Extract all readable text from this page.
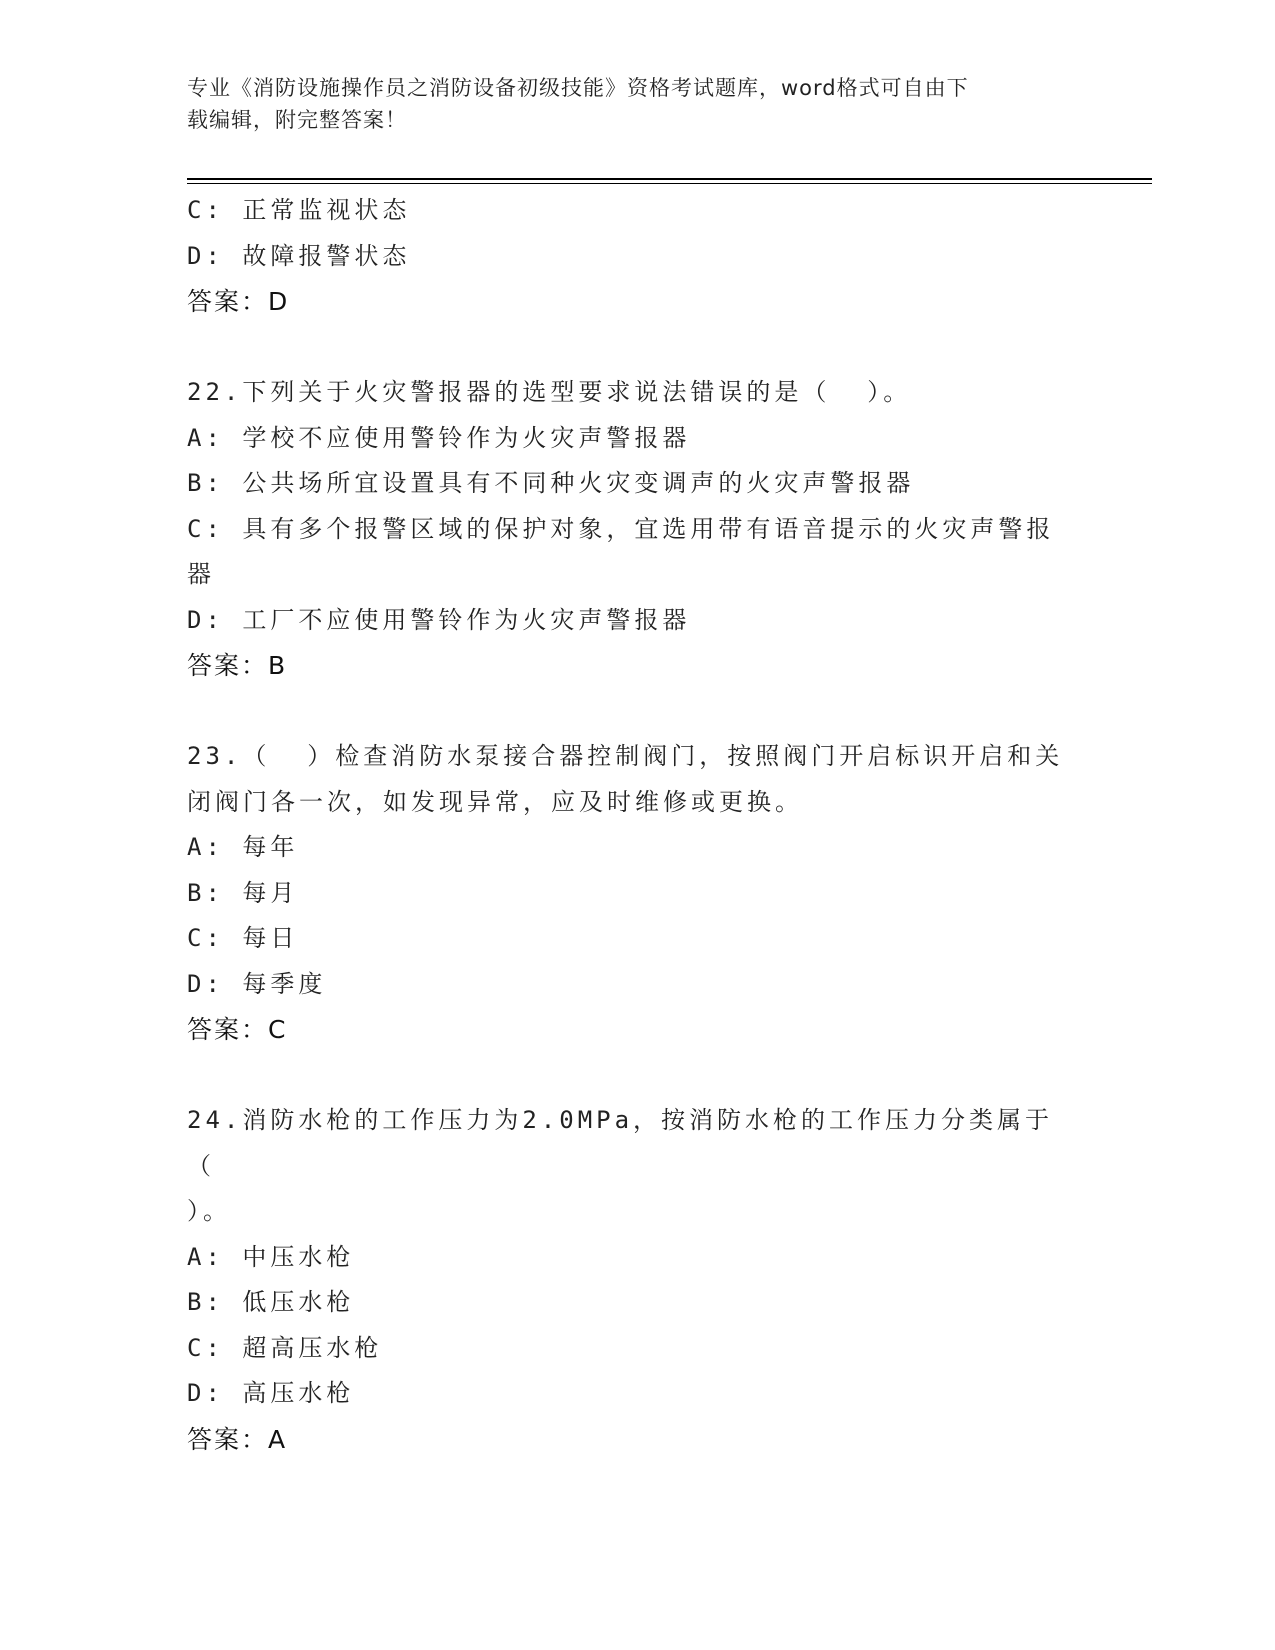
专业《消防设施操作员之消防设备初级技能》资格考试题库，word格式可自由下
载编辑，附完整答案！
C: 正常监视状态
D: 故障报警状态
答案：D
22.下列关于火灾警报器的选型要求说法错误的是（  ）。
A: 学校不应使用警铃作为火灾声警报器
B: 公共场所宜设置具有不同种火灾变调声的火灾声警报器
C: 具有多个报警区域的保护对象，宜选用带有语音提示的火灾声警报
器
D: 工厂不应使用警铃作为火灾声警报器
答案：B
23.（  ）检查消防水泵接合器控制阀门，按照阀门开启标识开启和关
闭阀门各一次，如发现异常，应及时维修或更换。
A: 每年
B: 每月
C: 每日
D: 每季度
答案：C
24.消防水枪的工作压力为2.0MPa，按消防水枪的工作压力分类属于（
）。
A: 中压水枪
B: 低压水枪
C: 超高压水枪
D: 高压水枪
答案：A
